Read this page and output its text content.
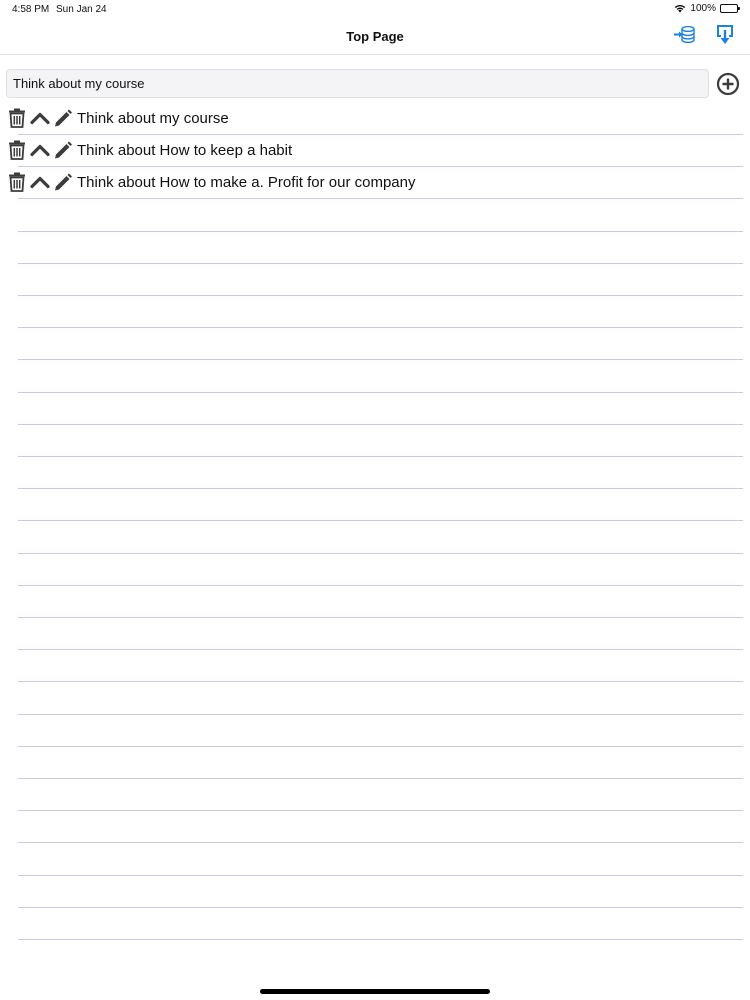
4:58 PM Sun Jan 24	100%
Top Page
Think about my course
Think about my course
Think about How to keep a habit
Think about How to make a. Profit for our company
